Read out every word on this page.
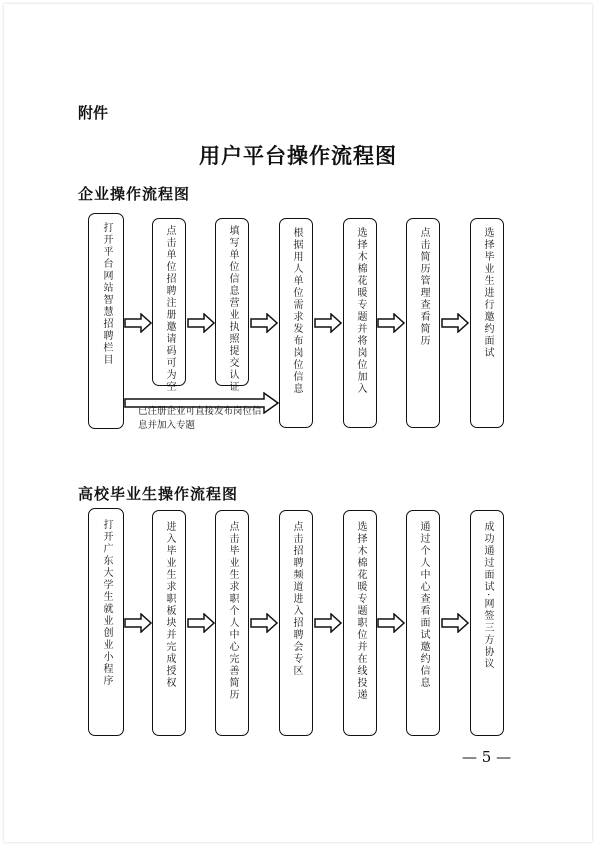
附件
用户平台操作流程图
企业操作流程图
打开平台网站智慧招聘栏目	点击单位招聘注册邀请码可为空	填写单位信息营业执照提交认证	根据用人单位需求发布岗位信息	选择木棉花暖专题并将岗位加入	点击简历管理查看简历	选择毕业生进行邀约面试
已注册企业可直接发布岗位信息并加入专题
高校毕业生操作流程图
打开广东大学生就业创业小程序	进入毕业生求职板块并完成授权	点击毕业生求职个人中心完善简历	点击招聘频道进入招聘会专区	选择木棉花暖专题职位并在线投递	通过个人中心查看面试邀约信息	成功通过面试·网签三方协议
— 5 —
